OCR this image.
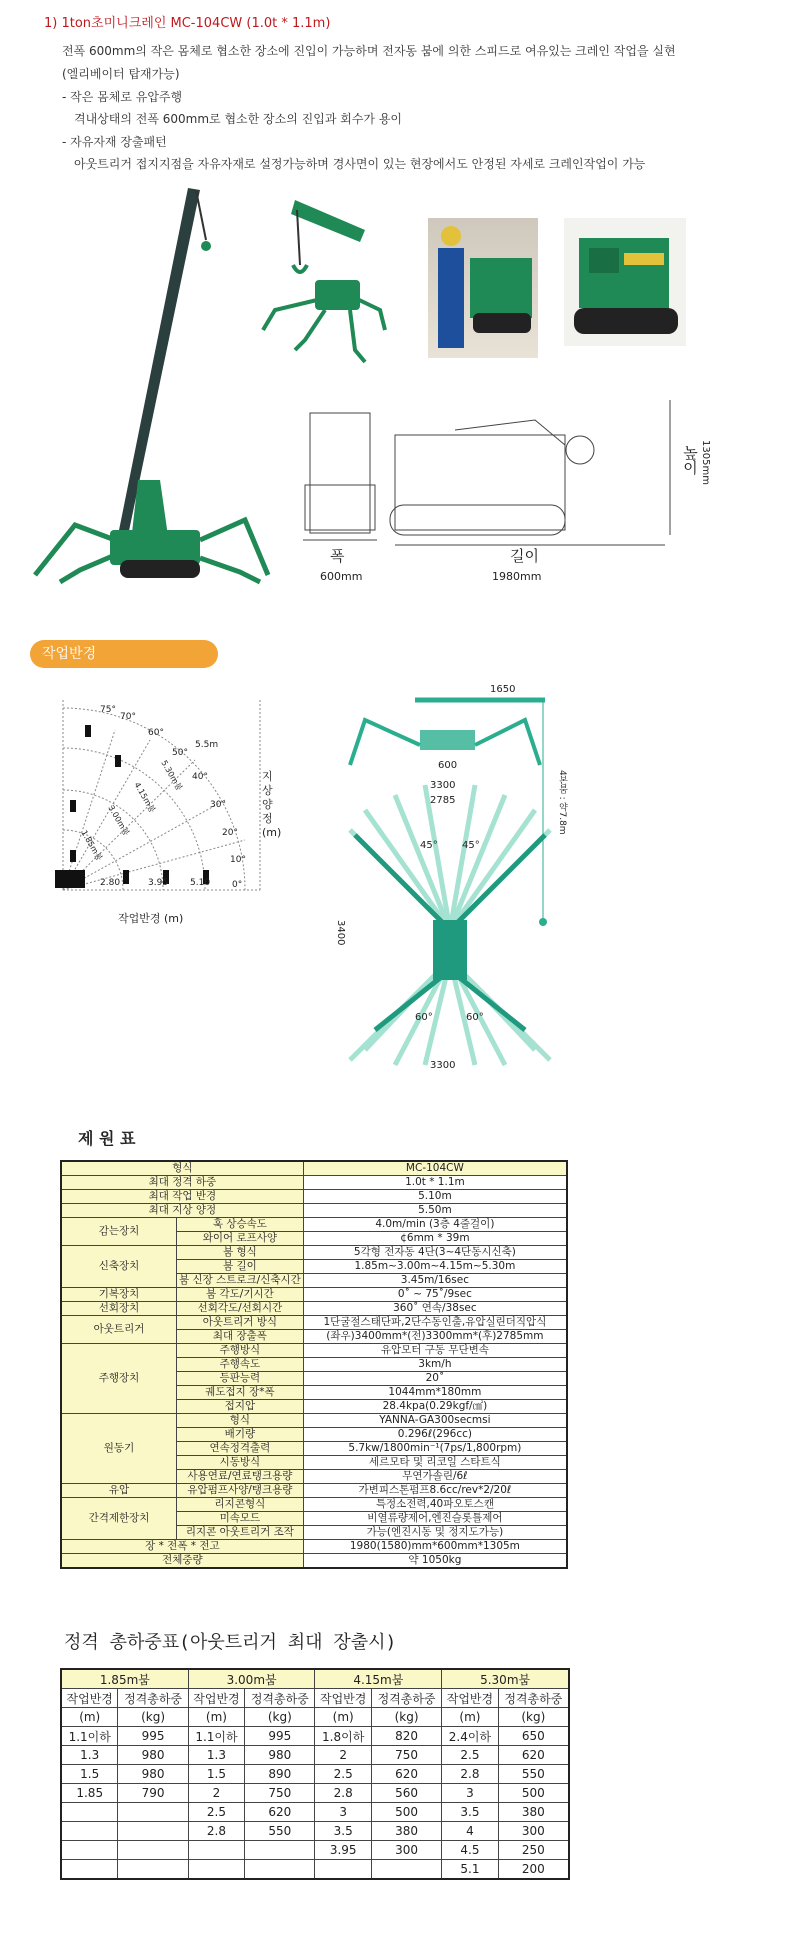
1) 1ton초미니크레인 MC-104CW (1.0t * 1.1m)
전폭 600mm의 작은 몸체로 협소한 장소에 진입이 가능하며 전자동 붐에 의한 스피드로 여유있는 크레인 작업을 실현
(엘리베이터 탑재가능)
- 작은 몸체로 유압주행
격내상태의 전폭 600mm로 협소한 장소의 진입과 회수가 용이
- 자유자재 장출패턴
아웃트리거 접지지점을 자유자재로 설정가능하며 경사면이 있는 현장에서도 안정된 자세로 크레인작업이 가능
폭
600mm
길이
1980mm
높이 1305mm
작업반경
작업반경 (m)
지상양정 (m)
5.5m
2.80	3.95 5.10
75°
70°
60°
50°
40°
30°
20°
10°
0°
5.30m붐
4.15m붐
3.00m붐
1.85m붐
1650
600
3300
2785
3400
3300
45° 45°
60°	60°
4본붐 : 약7.8m
제 원 표
형식		MC-104CW
최대 정격 하중		1.0t * 1.1m
최대 작업 반경		5.10m
최대 지상 양정		5.50m
감는장치	훅 상승속도	4.0m/min (3층 4줄걸이)
	와이어 로프사양	¢6mm * 39m
신축장치	붐 형식	5각형 전자동 4단(3~4단동시신축)
	붐 길이	1.85m~3.00m~4.15m~5.30m
	붐 신장 스트로크/신축시간	3.45m/16sec
기복장치	붐 각도/기시간	0˚ ~ 75˚/9sec
선회장치	선회각도/선회시간	360˚ 연속/38sec
아웃트리거	아웃트리거 방식	1단굴절스태단파,2단수동인출,유압실린더직압식
	최대 장출폭	(좌우)3400mm*(전)3300mm*(후)2785mm
주행장치	주행방식	유압모터 구동 무단변속
	주행속도	3km/h
	등판능력	20˚
	궤도접지 장*폭	1044mm*180mm
	접지압	28.4kpa(0.29kgf/㎠)
원동기	형식	YANNA-GA300secmsi
	배기량	0.296ℓ(296cc)
	연속정격출력	5.7kw/1800min⁻¹(7ps/1,800rpm)
	시동방식	세르모타 및 리코일 스타트식
	사용연료/연료탱크용량	무연가솔린/6ℓ
유압	유압펌프사양/탱크용량	가변피스톤펌프8.6cc/rev*2/20ℓ
간격제한장치	리지콘형식	특정소전력,40파오토스캔
	미속모드	비열류량제어,엔진슬롯틀제어
	리지콘 아웃트리거 조작	가능(엔진시동 및 정지도가능)
장 * 전폭 * 전고		1980(1580)mm*600mm*1305m
전체중량		약 1050kg
정격 총하중표(아웃트리거 최대 장출시)
1.85m붐		3.00m붐		4.15m붐		5.30m붐	
작업반경	정격총하중	작업반경	정격총하중	작업반경	정격총하중	작업반경	정격총하중
(m)	(kg)	(m)	(kg)	(m)	(kg)	(m)	(kg)
1.1이하	995	1.1이하	995	1.8이하	820	2.4이하	650
1.3	980	1.3	980	2	750	2.5	620
1.5	980	1.5	890	2.5	620	2.8	550
1.85	790	2	750	2.8	560	3	500
		2.5	620	3	500	3.5	380
		2.8	550	3.5	380	4	300
				3.95	300	4.5	250
						5.1	200
